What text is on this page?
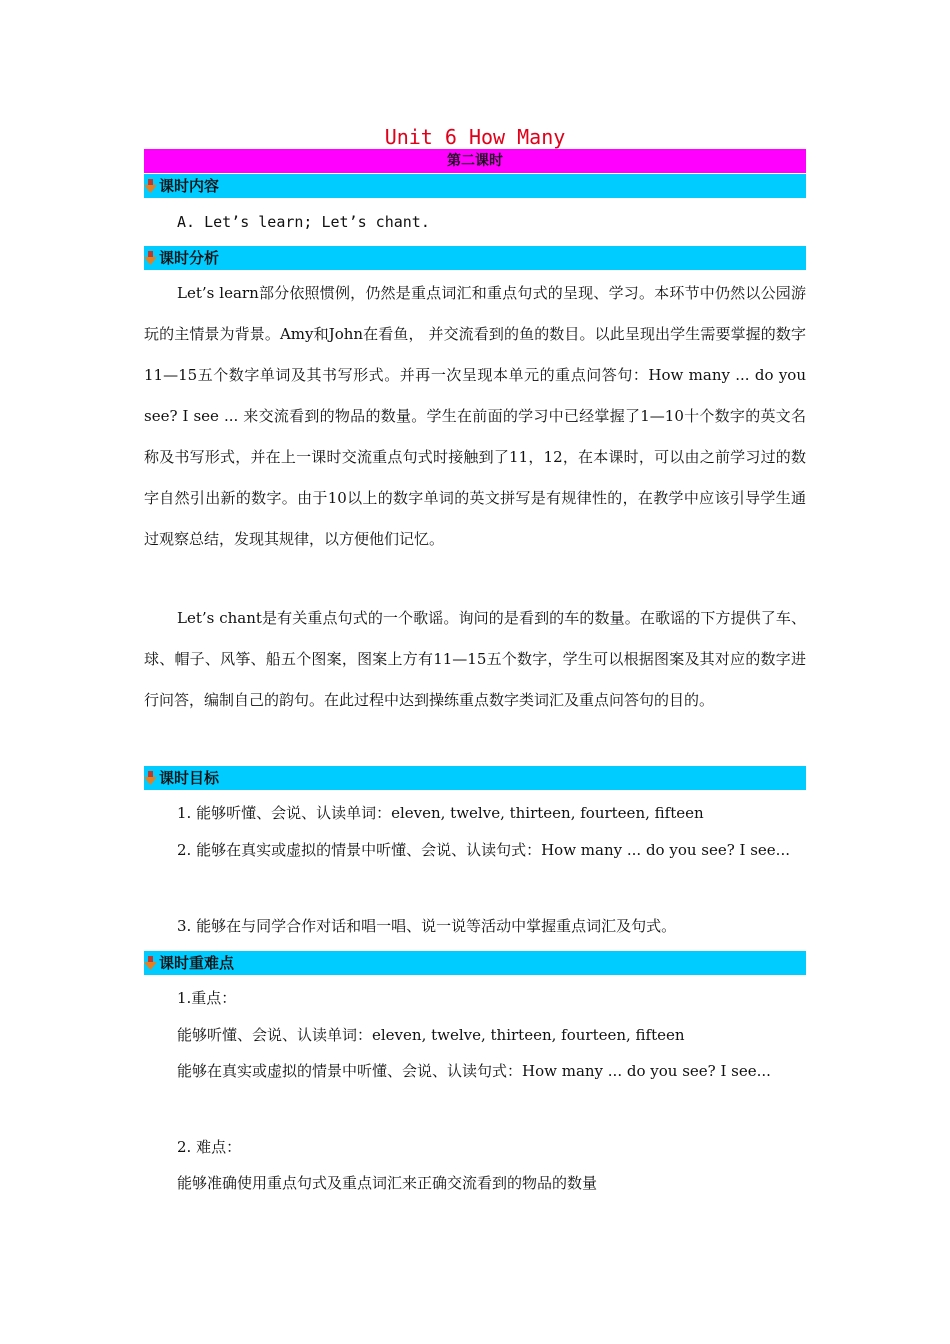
Unit 6 How Many
第二课时
课时内容
A. Let’s learn; Let’s chant.
课时分析
Let’s learn部分依照惯例，仍然是重点词汇和重点句式的呈现、学习。本环节中仍然以公园游玩的主情景为背景。Amy和John在看鱼， 并交流看到的鱼的数目。以此呈现出学生需要掌握的数字11—15五个数字单词及其书写形式。并再一次呈现本单元的重点问答句：How many ... do you see? I see ... 来交流看到的物品的数量。学生在前面的学习中已经掌握了1—10十个数字的英文名称及书写形式，并在上一课时交流重点句式时接触到了11，12，在本课时，可以由之前学习过的数字自然引出新的数字。由于10以上的数字单词的英文拼写是有规律性的，在教学中应该引导学生通过观察总结，发现其规律，以方便他们记忆。
Let’s chant是有关重点句式的一个歌谣。询问的是看到的车的数量。在歌谣的下方提供了车、球、帽子、风筝、船五个图案，图案上方有11—15五个数字，学生可以根据图案及其对应的数字进行问答，编制自己的韵句。在此过程中达到操练重点数字类词汇及重点问答句的目的。
课时目标
1. 能够听懂、会说、认读单词：eleven, twelve, thirteen, fourteen, fifteen
2. 能够在真实或虚拟的情景中听懂、会说、认读句式：How many ... do you see? I see...
3. 能够在与同学合作对话和唱一唱、说一说等活动中掌握重点词汇及句式。
课时重难点
1.重点：
能够听懂、会说、认读单词：eleven, twelve, thirteen, fourteen, fifteen
能够在真实或虚拟的情景中听懂、会说、认读句式：How many ... do you see? I see...
2. 难点：
能够准确使用重点句式及重点词汇来正确交流看到的物品的数量
